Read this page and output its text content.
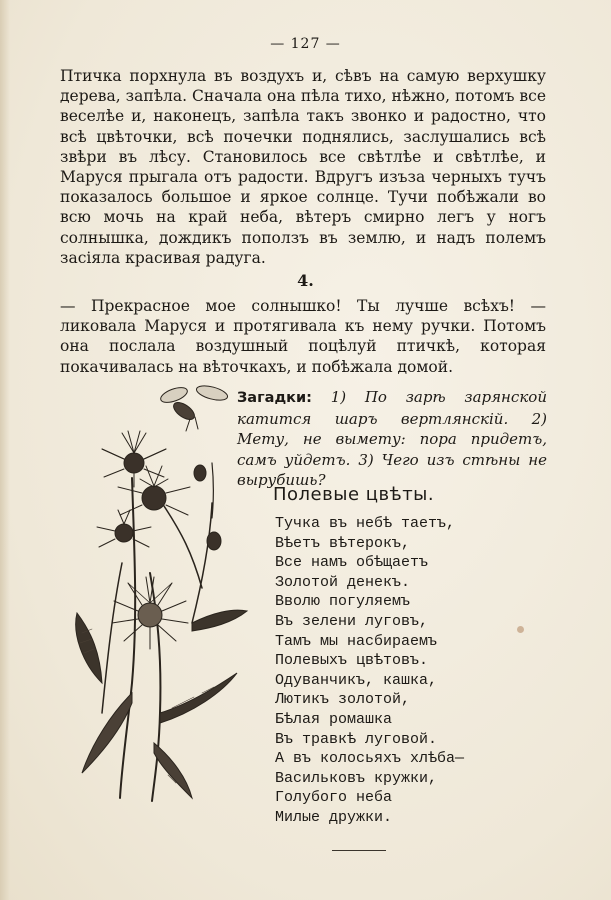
— 127 —

Птичка порхнула въ воздухъ и, сѣвъ на самую верхушку дерева, запѣла. Сначала она пѣла тихо, нѣжно, потомъ все веселѣе и, наконецъ, запѣла такъ звонко и радостно, что всѣ цвѣточки, всѣ почечки поднялись, заслушались всѣ звѣри въ лѣсу. Становилось все свѣтлѣе и свѣтлѣе, и Маруся прыгала отъ радости. Вдругъ изъза черныхъ тучъ показалось большое и яркое солнце. Тучи побѣжали во всю мочь на край неба, вѣтеръ смирно легъ у ногъ солнышка, дождикъ поползъ въ землю, и надъ полемъ засіяла красивая радуга.

4.

— Прекрасное мое солнышко! Ты лучше всѣхъ! — ликовала Маруся и протягивала къ нему ручки. Потомъ она послала воздушный поцѣлуй птичкѣ, которая покачивалась на вѣточкахъ, и побѣжала домой.

Загадки: 1) По зарѣ зарянской катится шаръ вертлянскій. 2) Мету, не вымету: пора придетъ, самъ уйдетъ. 3) Чего изъ стѣны не вырубишь?

Полевые цвѣты.
Тучка въ небѣ таетъ,
Вѣетъ вѣтерокъ,
Все намъ обѣщаетъ
Золотой денекъ.
Вволю погуляемъ
Въ зелени луговъ,
Тамъ мы насбираемъ
Полевыхъ цвѣтовъ.
Одуванчикъ, кашка,
Лютикъ золотой,
Бѣлая ромашка
Въ травкѣ луговой.
А въ колосьяхъ хлѣба—
Васильковъ кружки,
Голубого неба
Милые дружки.
